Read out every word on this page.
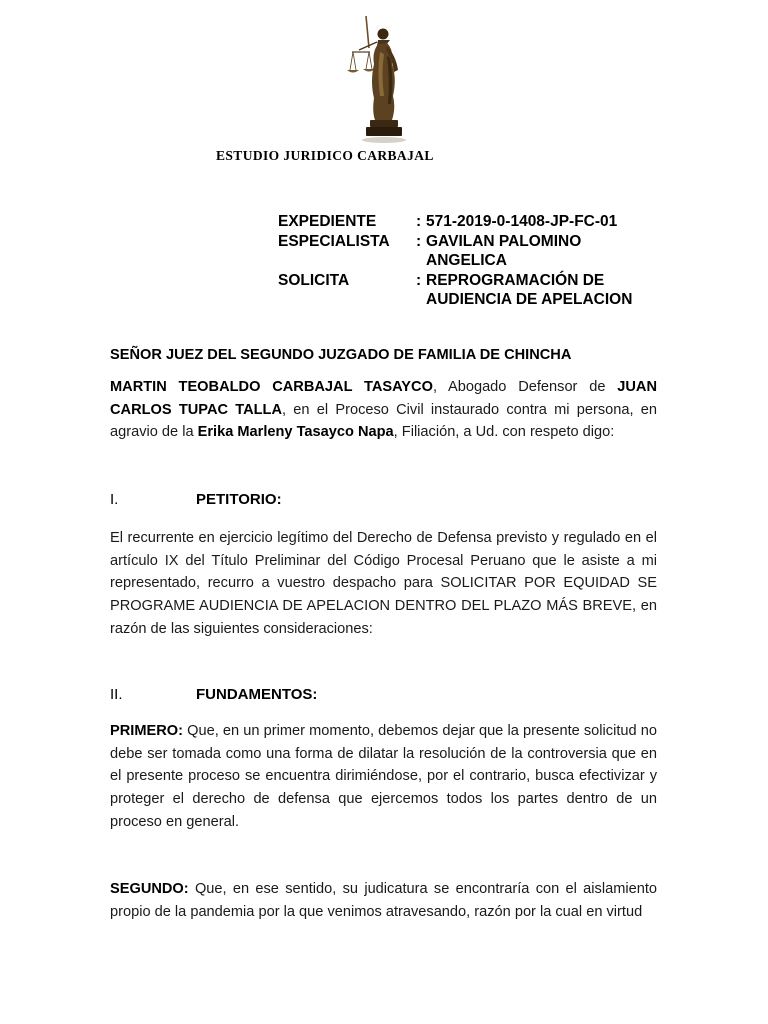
ESTUDIO JURIDICO CARBAJAL

EXPEDIENTE	: 571-2019-0-1408-JP-FC-01
ESPECIALISTA	: GAVILAN PALOMINO ANGELICA
SOLICITA	: REPROGRAMACIÓN DE AUDIENCIA DE APELACION

SEÑOR JUEZ DEL SEGUNDO JUZGADO DE FAMILIA DE CHINCHA

MARTIN TEOBALDO CARBAJAL TASAYCO, Abogado Defensor de JUAN CARLOS TUPAC TALLA, en el Proceso Civil instaurado contra mi persona, en agravio de la Erika Marleny Tasayco Napa, Filiación, a Ud. con respeto digo:

I.	PETITORIO:

El recurrente en ejercicio legítimo del Derecho de Defensa previsto y regulado en el artículo IX del Título Preliminar del Código Procesal Peruano que le asiste a mi representado, recurro a vuestro despacho para SOLICITAR POR EQUIDAD SE PROGRAME AUDIENCIA DE APELACION DENTRO DEL PLAZO MÁS BREVE, en razón de las siguientes consideraciones:

II.	FUNDAMENTOS:

PRIMERO: Que, en un primer momento, debemos dejar que la presente solicitud no debe ser tomada como una forma de dilatar la resolución de la controversia que en el presente proceso se encuentra dirimiéndose, por el contrario, busca efectivizar y proteger el derecho de defensa que ejercemos todos los partes dentro de un proceso en general.

SEGUNDO: Que, en ese sentido, su judicatura se encontraría con el aislamiento propio de la pandemia por la que venimos atravesando, razón por la cual en virtud
